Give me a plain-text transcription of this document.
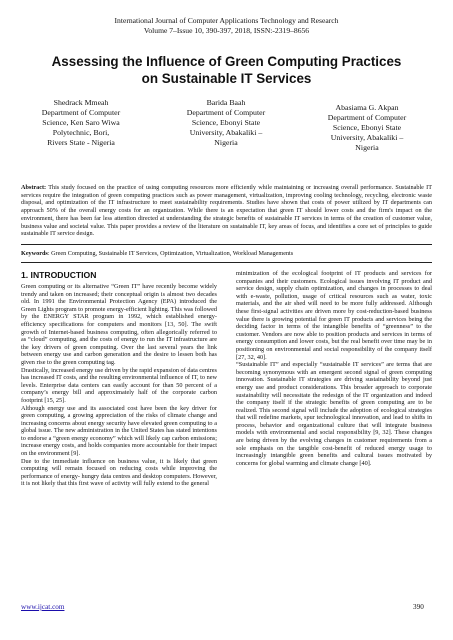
International Journal of Computer Applications Technology and Research
Volume 7–Issue 10, 390-397, 2018, ISSN:-2319–8656
Assessing the Influence of Green Computing Practices
on Sustainable IT Services
Shedrack Mmeah
Department of Computer
Science, Ken Saro Wiwa
Polytechnic, Bori,
Rivers State - Nigeria
Barida Baah
Department of Computer
Science, Ebonyi State
University, Abakaliki –
Nigeria
Abasiama G. Akpan
Department of Computer
Science, Ebonyi State
University, Abakaliki –
Nigeria
Abstract: This study focused on the practice of using computing resources more efficiently while maintaining or increasing overall performance. Sustainable IT services require the integration of green computing practices such as power management, virtualization, improving cooling technology, recycling, electronic waste disposal, and optimization of the IT infrastructure to meet sustainability requirements. Studies have shown that costs of power utilized by IT departments can approach 50% of the overall energy costs for an organization. While there is an expectation that green IT should lower costs and the firm's impact on the environment, there has been far less attention directed at understanding the strategic benefits of sustainable IT services in terms of the creation of customer value, business value and societal value. This paper provides a review of the literature on sustainable IT, key areas of focus, and identifies a core set of principles to guide sustainable IT service design.
Keywords: Green Computing, Sustainable IT Services, Optimization, Virtualization, Workload Managements
1. INTRODUCTION

Green computing or its alternative “Green IT” have recently become widely trendy and taken on increased; their conceptual origin is almost two decades old. In 1991 the Environmental Protection Agency (EPA) introduced the Green Lights program to promote energy-efficient lighting. This was followed by the ENERGY STAR program in 1992, which established energy- efficiency specifications for computers and monitors [13, 50]. The swift growth of Internet-based business computing, often allegorically referred to as “cloud” computing, and the costs of energy to run the IT infrastructure are the key drivers of green computing. Over the last several years the link between energy use and carbon generation and the desire to lessen both has given rise to the green computing tag.

Drastically, increased energy use driven by the rapid expansion of data centres has increased IT costs, and the resulting environmental influence of IT, to new levels. Enterprise data centers can easily account for than 50 percent of a company’s energy bill and approximately half of the corporate carbon footprint [15, 25].

Although energy use and its associated cost have been the key driver for green computing, a growing appreciation of the risks of climate change and increasing concerns about energy security have elevated green computing to a global issue. The new administration in the United States has stated intentions to endorse a “green energy economy” which will likely cap carbon emissions; increase energy costs, and holds companies more accountable for their impact on the environment [9].

Due to the immediate influence on business value, it is likely that green computing will remain focused on reducing costs while improving the performance of energy- hungry data centres and desktop computers. However, it is not likely that this first wave of activity will fully extend to the general

minimization of the ecological footprint of IT products and services for companies and their customers. Ecological issues involving IT product and service design, supply chain optimization, and changes in processes to deal with e-waste, pollution, usage of critical resources such as water, toxic materials, and the air shed will need to be more fully addressed. Although these first-signal activities are driven more by cost-reduction-based business value there is growing potential for green IT products and services being the deciding factor in terms of the intangible benefits of “greenness” to the customer. Vendors are now able to position products and services in terms of energy consumption and lower costs, but the real benefit over time may be in positioning on environmental and social responsibility of the company itself [27, 32, 40].

“Sustainable IT” and especially “sustainable IT services” are terms that are becoming synonymous with an emergent second signal of green computing innovation. Sustainable IT strategies are driving sustainability beyond just energy use and product considerations. This broader approach to corporate sustainability will necessitate the redesign of the IT organization and indeed the company itself if the strategic benefits of green computing are to be realized. This second signal will include the adoption of ecological strategies that will redefine markets, spur technological innovation, and lead to shifts in process, behavior and organizational culture that will integrate business models with environmental and social responsibility [9, 32]. These changes are being driven by the evolving changes in customer requirements from a sole emphasis on the tangible cost-benefit of reduced energy usage to increasingly intangible green benefits and cultural issues motivated by concerns for global warming and climate change [40].

www.ijcat.com	390
